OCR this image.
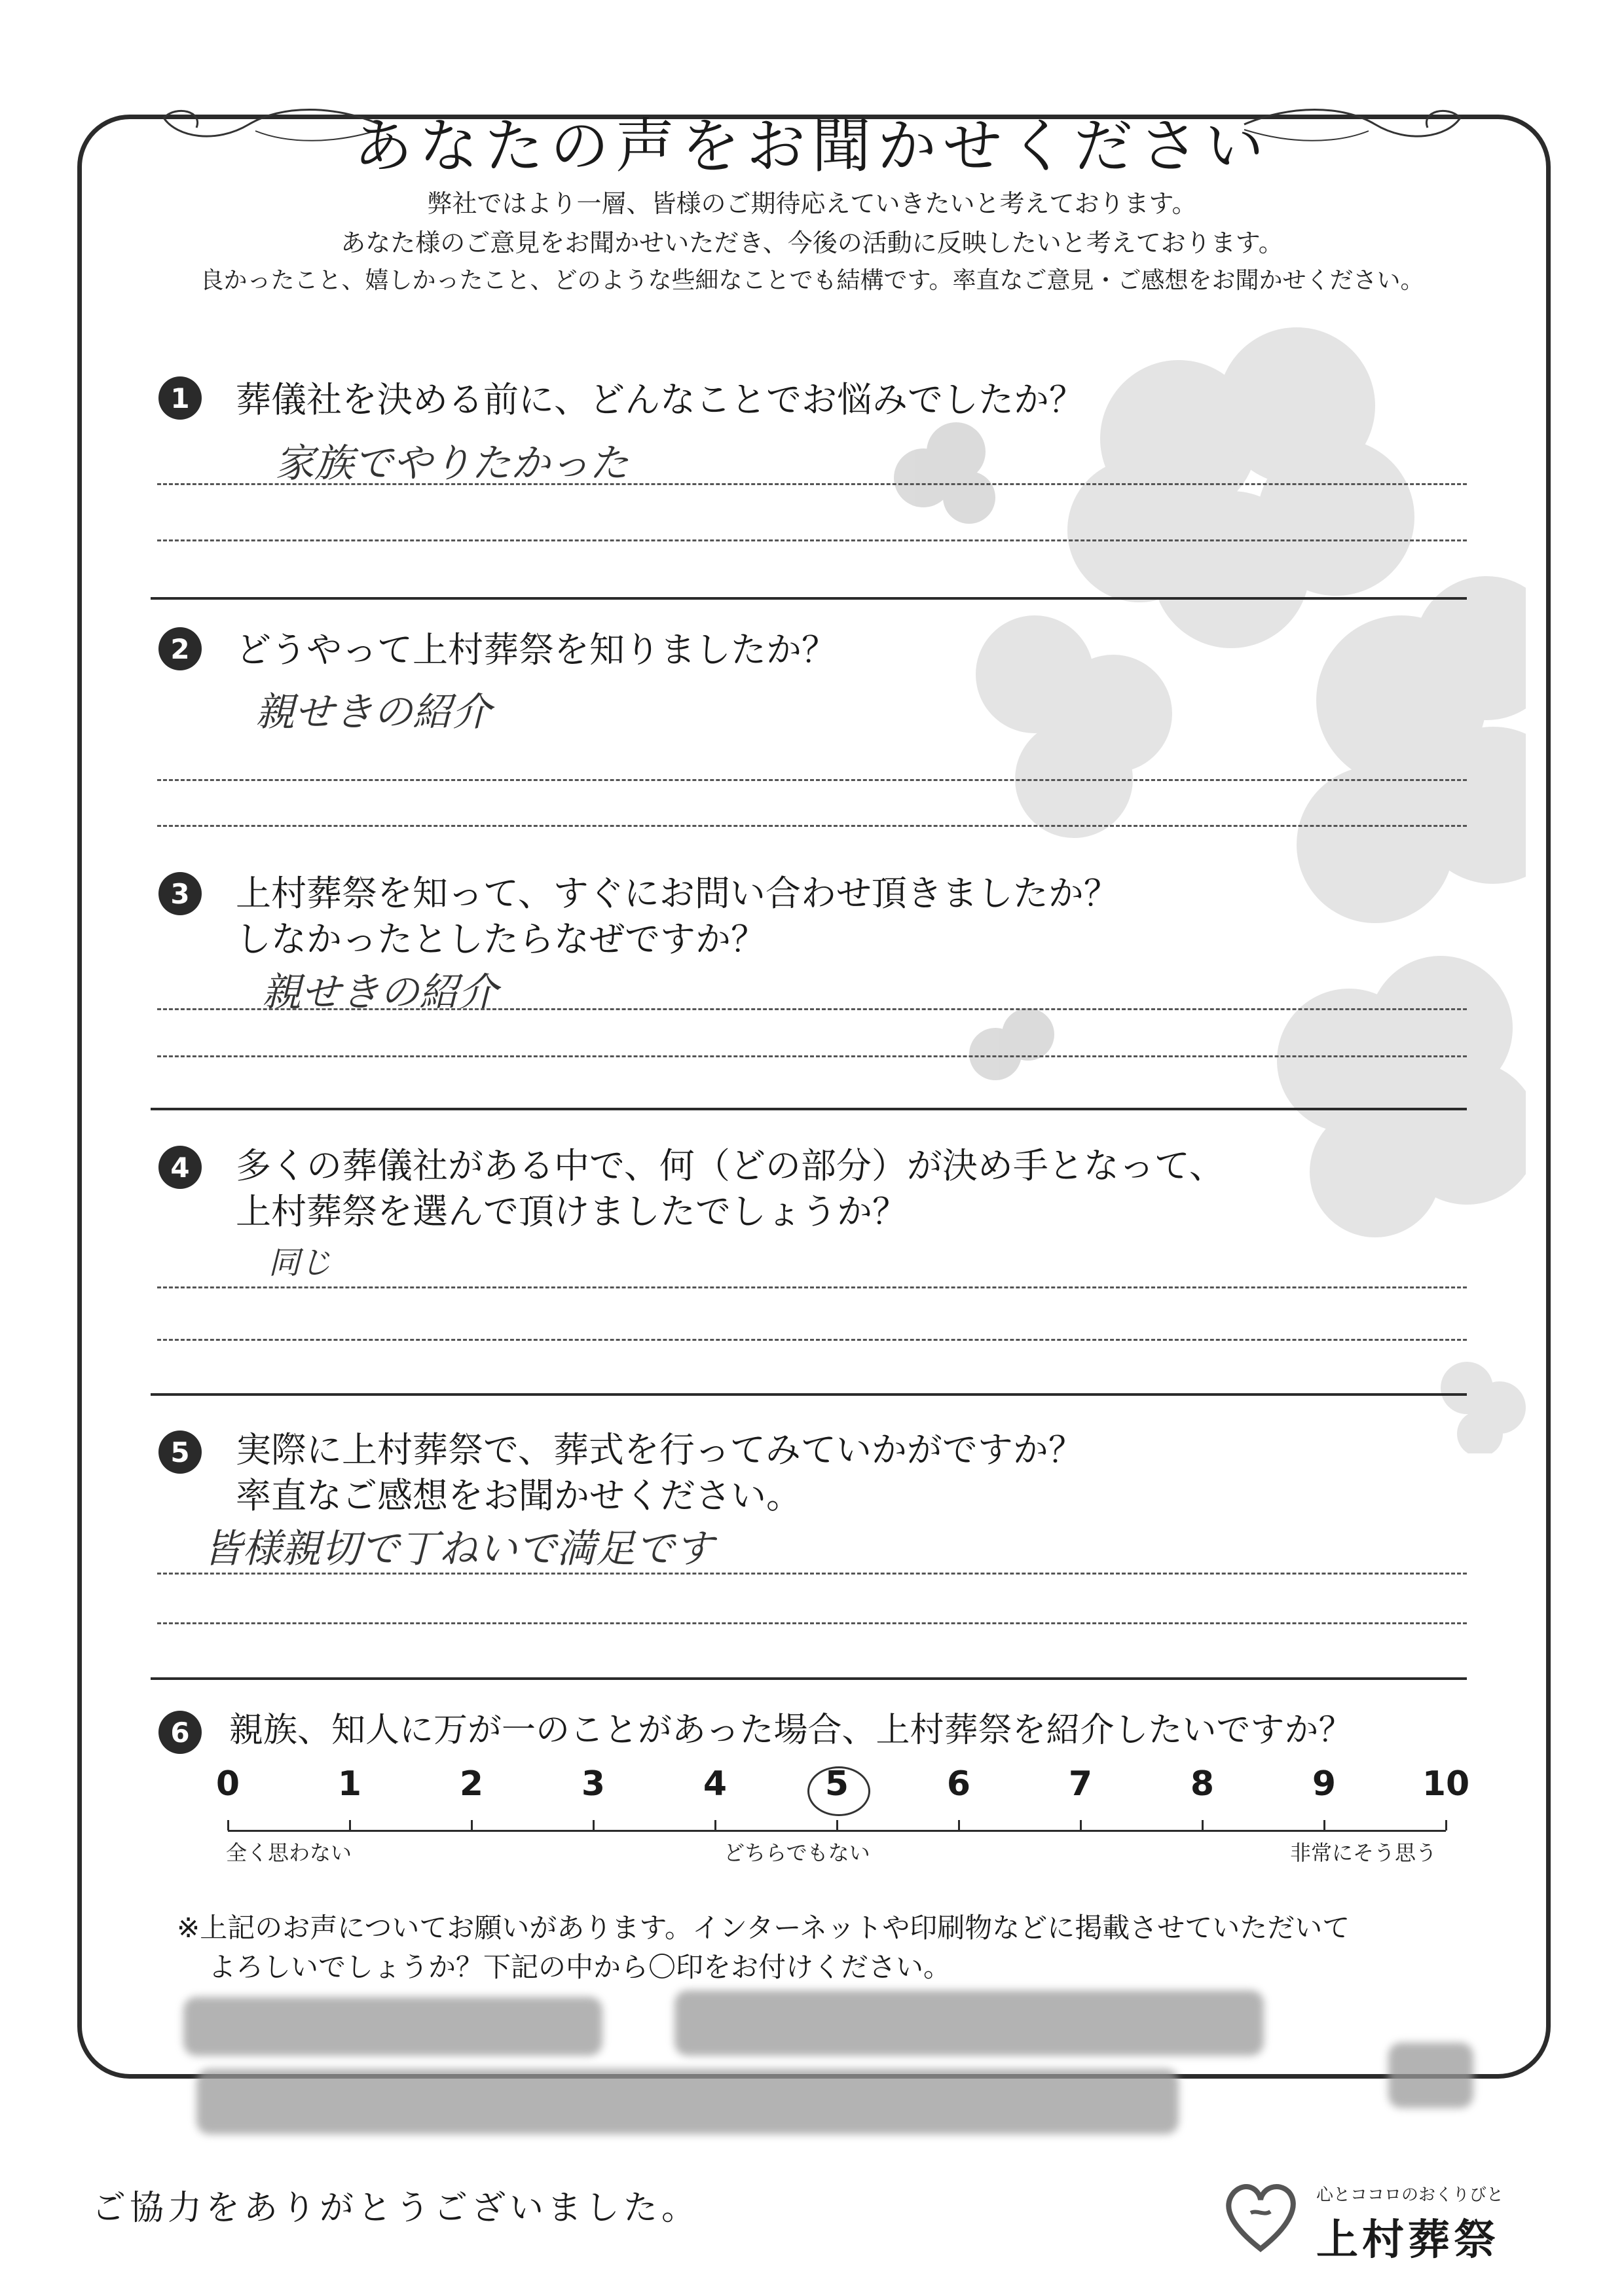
あなたの声をお聞かせください
弊社ではより一層、皆様のご期待応えていきたいと考えております。
あなた様のご意見をお聞かせいただき、今後の活動に反映したいと考えております。
良かったこと、嬉しかったこと、どのような些細なことでも結構です。率直なご意見・ご感想をお聞かせください。
1	葬儀社を決める前に、どんなことでお悩みでしたか？
家族でやりたかった
2	どうやって上村葬祭を知りましたか？
親せきの紹介
3	上村葬祭を知って、すぐにお問い合わせ頂きましたか？
しなかったとしたらなぜですか？
親せきの紹介
4	多くの葬儀社がある中で、何（どの部分）が決め手となって、
上村葬祭を選んで頂けましたでしょうか？
同じ
5	実際に上村葬祭で、葬式を行ってみていかがですか？
率直なご感想をお聞かせください。
皆様親切で丁ねいで満足です
6	親族、知人に万が一のことがあった場合、上村葬祭を紹介したいですか？
0	1	2	3	4	5	6	7	8	9	10
全く思わない	どちらでもない	非常にそう思う
※上記のお声についてお願いがあります。インターネットや印刷物などに掲載させていただいて
よろしいでしょうか？下記の中から〇印をお付けください。
ご協力をありがとうございました。	心とココロのおくりびと
上村葬祭
